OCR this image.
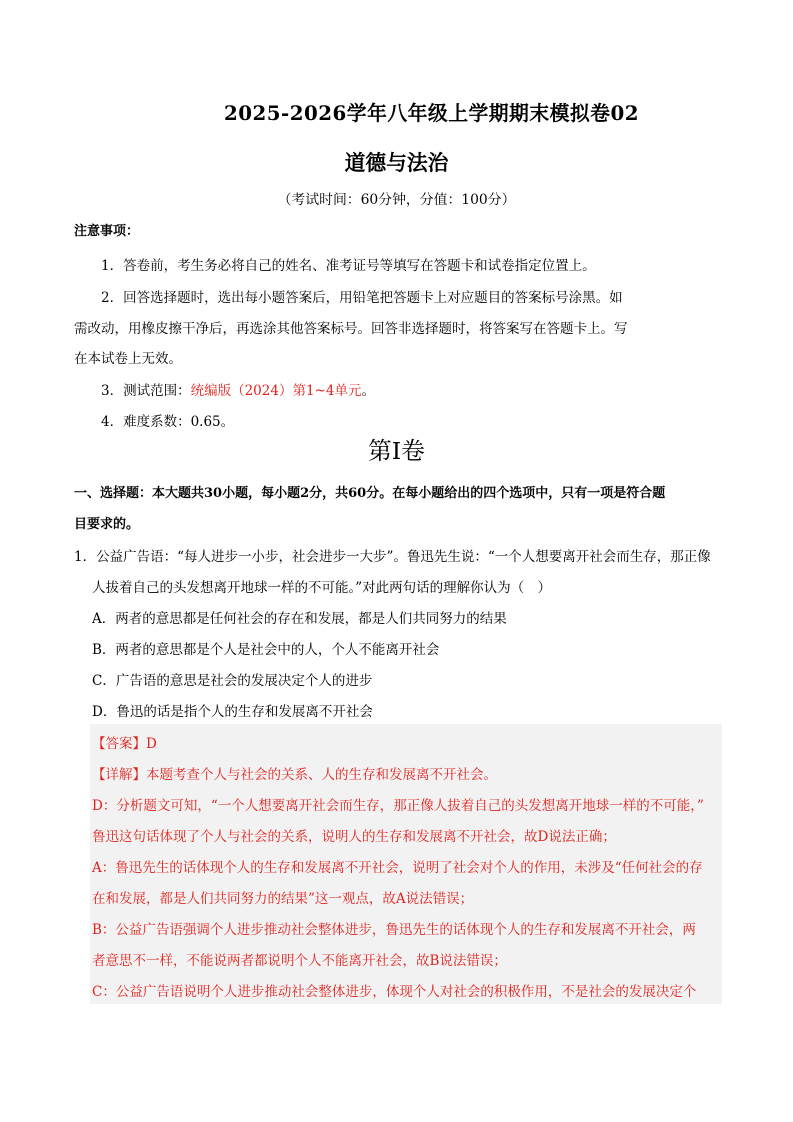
2025-2026学年八年级上学期期末模拟卷02
道德与法治
（考试时间：60分钟，分值：100分）
注意事项：
1．答卷前，考生务必将自己的姓名、准考证号等填写在答题卡和试卷指定位置上。
2．回答选择题时，选出每小题答案后，用铅笔把答题卡上对应题目的答案标号涂黑。如
需改动，用橡皮擦干净后，再选涂其他答案标号。回答非选择题时，将答案写在答题卡上。写
在本试卷上无效。
3．测试范围：统编版（2024）第1~4单元。
4．难度系数：0.65。
第I卷
一、选择题：本大题共30小题，每小题2分，共60分。在每小题给出的四个选项中，只有一项是符合题
目要求的。
1．公益广告语：“每人进步一小步，社会进步一大步”。鲁迅先生说：“一个人想要离开社会而生存，那正像
人拔着自己的头发想离开地球一样的不可能。”对此两句话的理解你认为（　）
A．两者的意思都是任何社会的存在和发展，都是人们共同努力的结果
B．两者的意思都是个人是社会中的人，个人不能离开社会
C．广告语的意思是社会的发展决定个人的进步
D．鲁迅的话是指个人的生存和发展离不开社会
【答案】D
【详解】本题考查个人与社会的关系、人的生存和发展离不开社会。
D：分析题文可知，“一个人想要离开社会而生存，那正像人拔着自己的头发想离开地球一样的不可能，”
鲁迅这句话体现了个人与社会的关系，说明人的生存和发展离不开社会，故D说法正确；
A：鲁迅先生的话体现个人的生存和发展离不开社会，说明了社会对个人的作用，未涉及“任何社会的存
在和发展，都是人们共同努力的结果”这一观点，故A说法错误；
B：公益广告语强调个人进步推动社会整体进步，鲁迅先生的话体现个人的生存和发展离不开社会，两
者意思不一样，不能说两者都说明个人不能离开社会，故B说法错误；
C：公益广告语说明个人进步推动社会整体进步，体现个人对社会的积极作用，不是社会的发展决定个
